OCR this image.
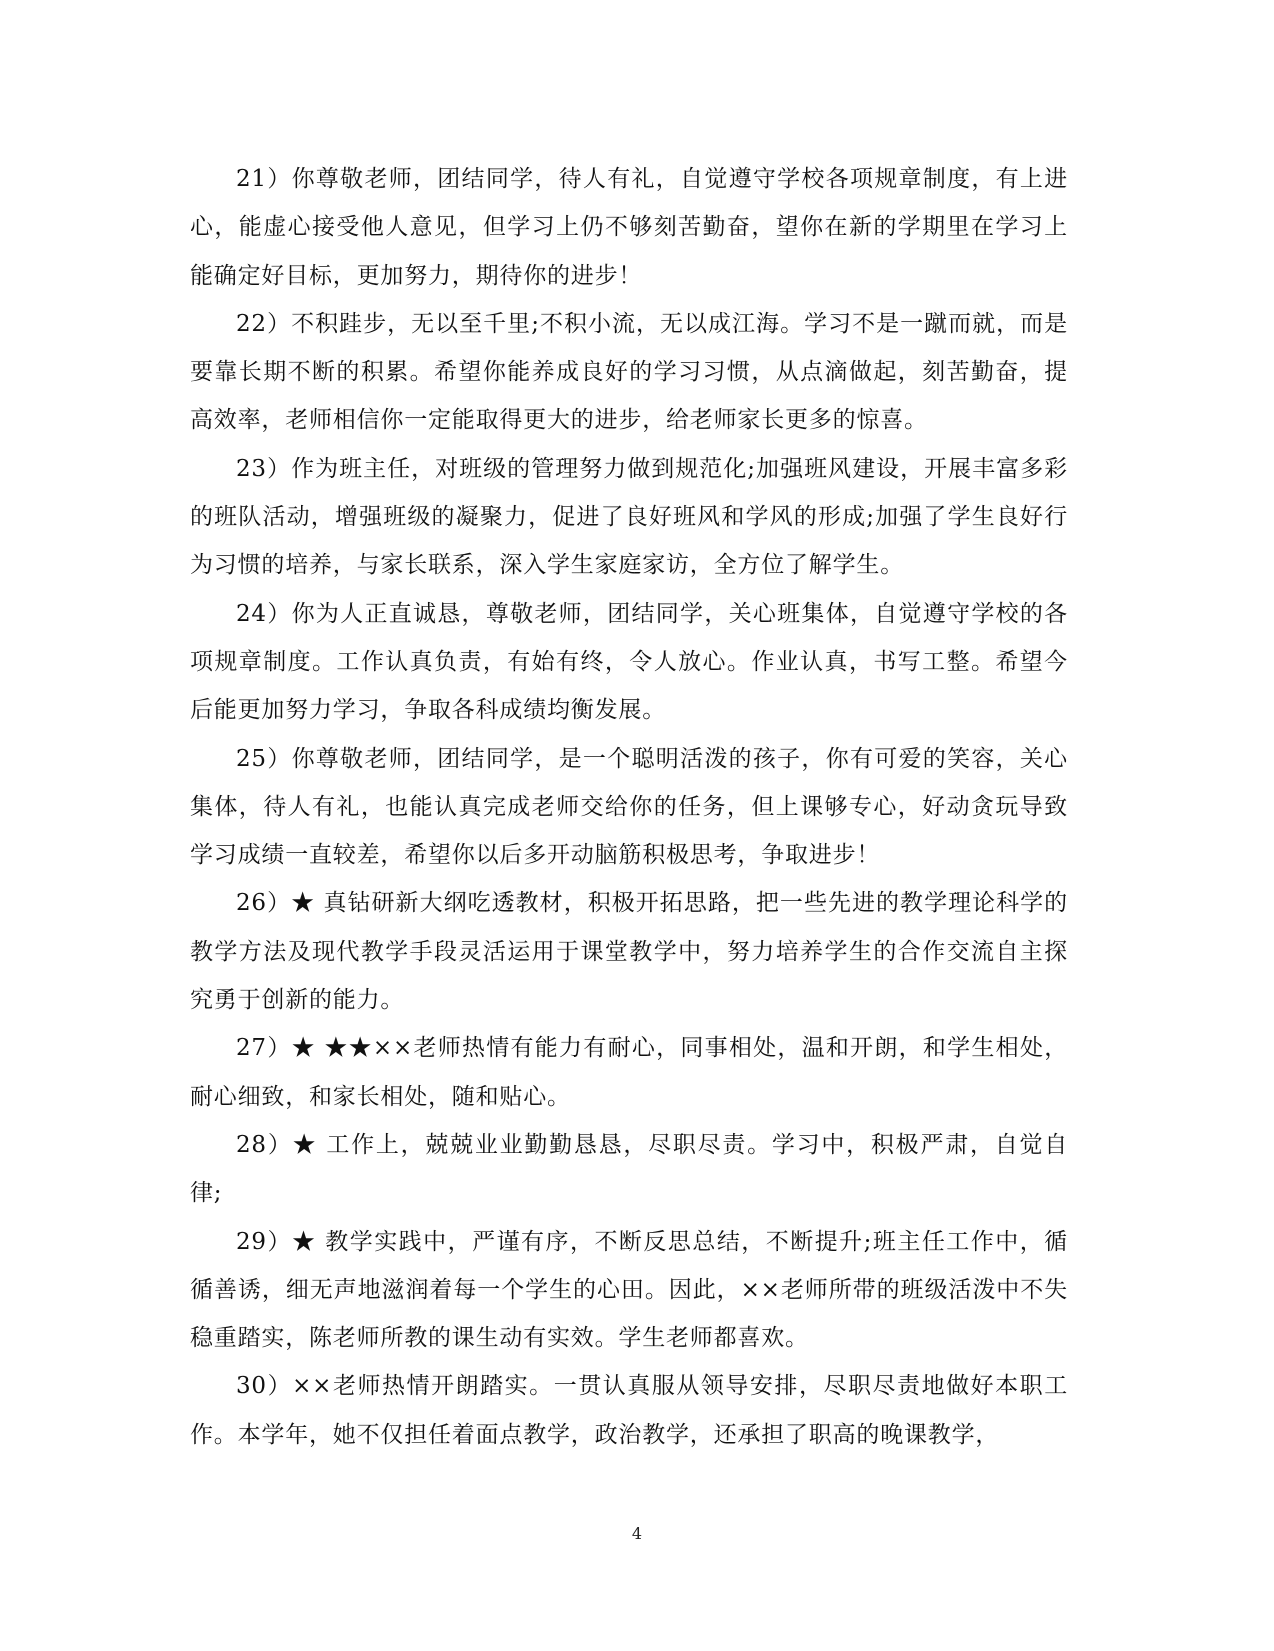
21）你尊敬老师，团结同学，待人有礼，自觉遵守学校各项规章制度，有上进心，能虚心接受他人意见，但学习上仍不够刻苦勤奋，望你在新的学期里在学习上能确定好目标，更加努力，期待你的进步！

22）不积跬步，无以至千里;不积小流，无以成江海。学习不是一蹴而就，而是要靠长期不断的积累。希望你能养成良好的学习习惯，从点滴做起，刻苦勤奋，提高效率，老师相信你一定能取得更大的进步，给老师家长更多的惊喜。

23）作为班主任，对班级的管理努力做到规范化;加强班风建设，开展丰富多彩的班队活动，增强班级的凝聚力，促进了良好班风和学风的形成;加强了学生良好行为习惯的培养，与家长联系，深入学生家庭家访，全方位了解学生。

24）你为人正直诚恳，尊敬老师，团结同学，关心班集体，自觉遵守学校的各项规章制度。工作认真负责，有始有终，令人放心。作业认真，书写工整。希望今后能更加努力学习，争取各科成绩均衡发展。

25）你尊敬老师，团结同学，是一个聪明活泼的孩子，你有可爱的笑容，关心集体，待人有礼，也能认真完成老师交给你的任务，但上课够专心，好动贪玩导致学习成绩一直较差，希望你以后多开动脑筋积极思考，争取进步！

26）★ 真钻研新大纲吃透教材，积极开拓思路，把一些先进的教学理论科学的教学方法及现代教学手段灵活运用于课堂教学中，努力培养学生的合作交流自主探究勇于创新的能力。

27）★ ★★××老师热情有能力有耐心，同事相处，温和开朗，和学生相处，耐心细致，和家长相处，随和贴心。

28）★ 工作上，兢兢业业勤勤恳恳，尽职尽责。学习中，积极严肃，自觉自律;

29）★ 教学实践中，严谨有序，不断反思总结，不断提升;班主任工作中，循循善诱，细无声地滋润着每一个学生的心田。因此，××老师所带的班级活泼中不失稳重踏实，陈老师所教的课生动有实效。学生老师都喜欢。

30）××老师热情开朗踏实。一贯认真服从领导安排，尽职尽责地做好本职工作。本学年，她不仅担任着面点教学，政治教学，还承担了职高的晚课教学，

4
